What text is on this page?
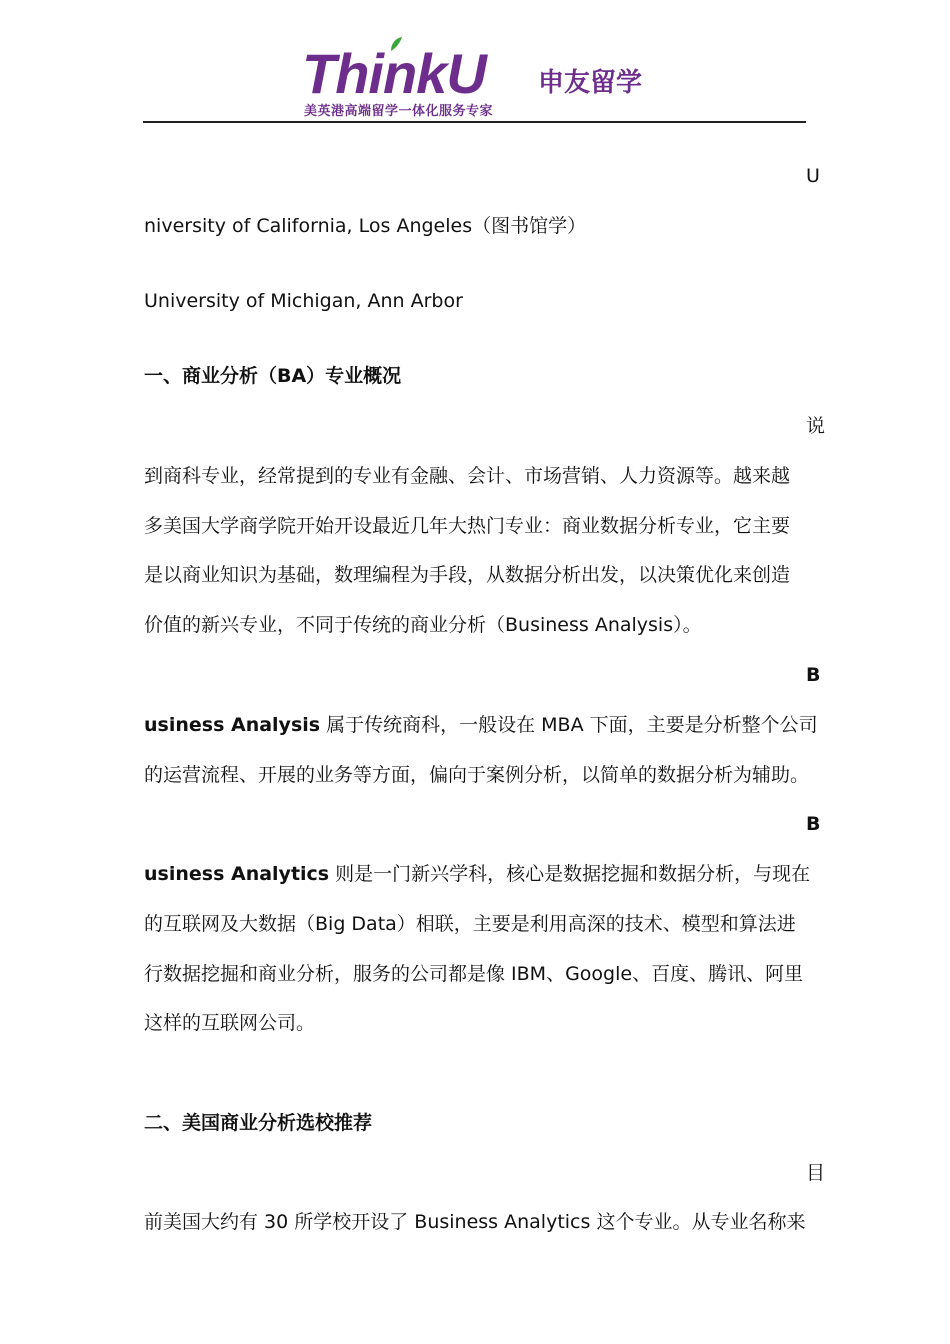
ThinkU 申友留学
美英港高端留学一体化服务专家
U
niversity of California, Los Angeles（图书馆学）
University of Michigan, Ann Arbor
一、商业分析（BA）专业概况
说
到商科专业，经常提到的专业有金融、会计、市场营销、人力资源等。越来越
多美国大学商学院开始开设最近几年大热门专业：商业数据分析专业，它主要
是以商业知识为基础，数理编程为手段，从数据分析出发，以决策优化来创造
价值的新兴专业，不同于传统的商业分析（Business Analysis）。
B
usiness Analysis 属于传统商科，一般设在 MBA 下面，主要是分析整个公司
的运营流程、开展的业务等方面，偏向于案例分析，以简单的数据分析为辅助。
B
usiness Analytics 则是一门新兴学科，核心是数据挖掘和数据分析，与现在
的互联网及大数据（Big Data）相联，主要是利用高深的技术、模型和算法进
行数据挖掘和商业分析，服务的公司都是像 IBM、Google、百度、腾讯、阿里
这样的互联网公司。
二、美国商业分析选校推荐
目
前美国大约有 30 所学校开设了 Business Analytics 这个专业。从专业名称来
